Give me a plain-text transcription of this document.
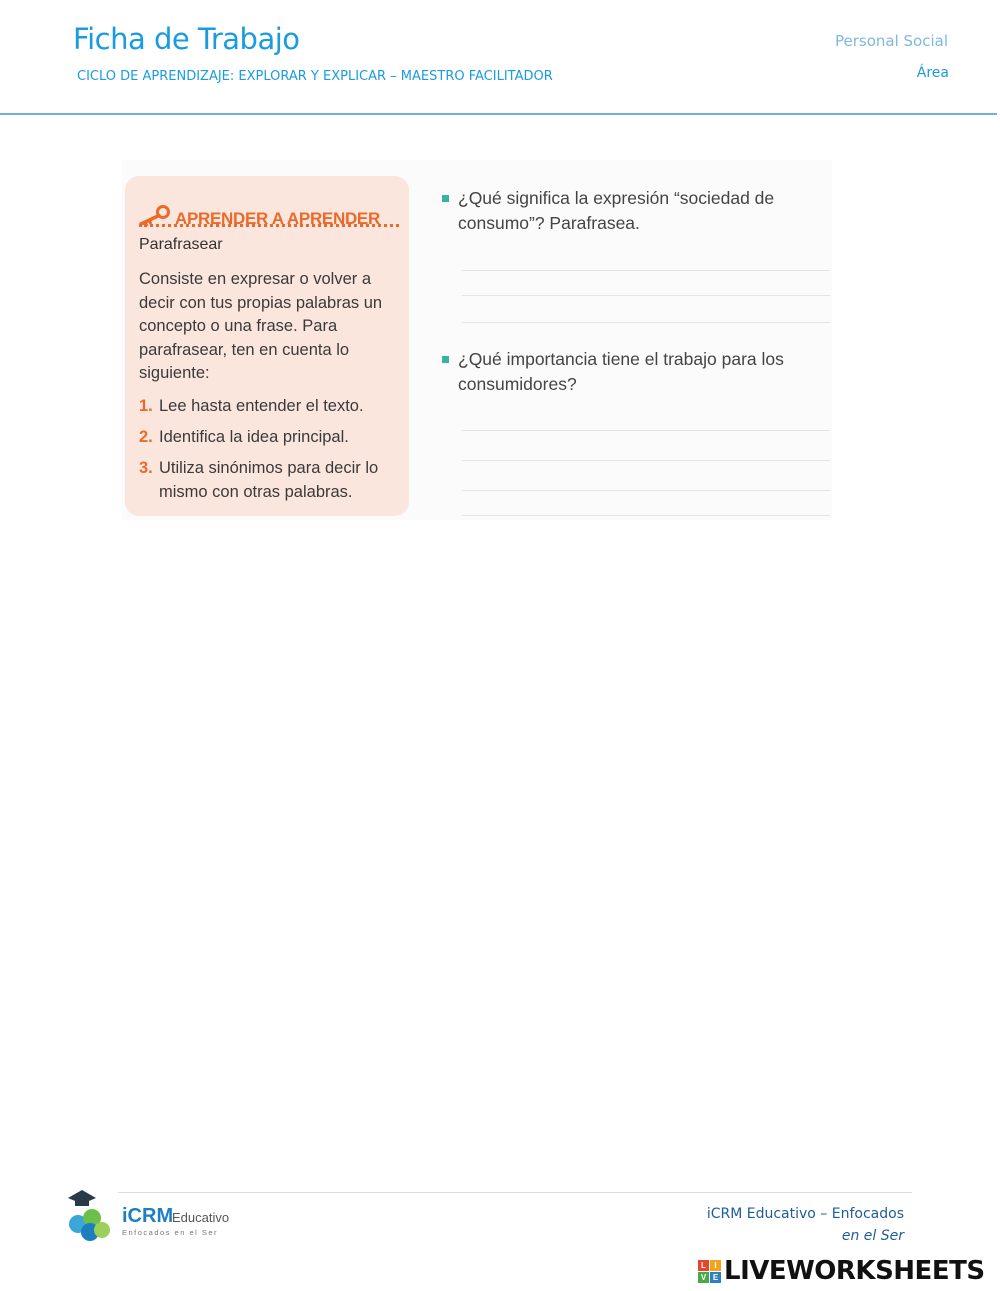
Ficha de Trabajo
CICLO DE APRENDIZAJE: EXPLORAR Y EXPLICAR – MAESTRO FACILITADOR
Personal Social
Área
APRENDER A APRENDER
Parafrasear
Consiste en expresar o volver a decir con tus propias palabras un concepto o una frase. Para parafrasear, ten en cuenta lo siguiente:
1. Lee hasta entender el texto.
2. Identifica la idea principal.
3. Utiliza sinónimos para decir lo mismo con otras palabras.
¿Qué significa la expresión “sociedad de consumo”? Parafrasea.
¿Qué importancia tiene el trabajo para los consumidores?
iCRM
Enfocados en el Ser
Educativo	iCRM Educativo – Enfocados
en el Ser
L	I
V E LIVEWORKSHEETS
